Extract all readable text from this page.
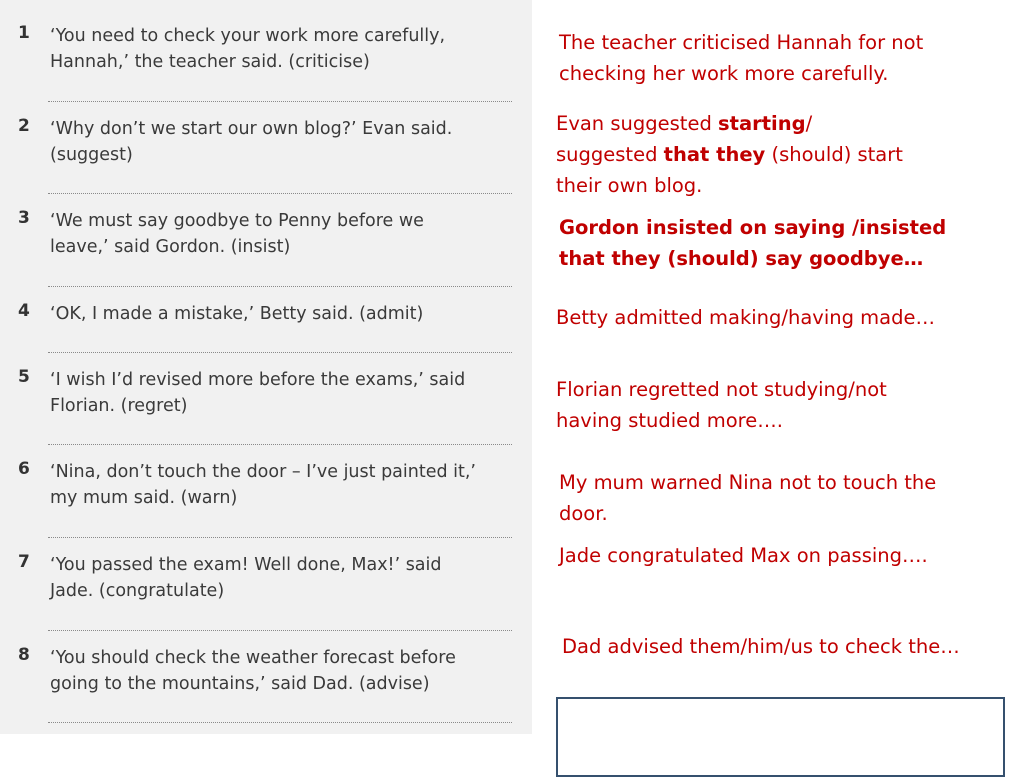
1 ‘You need to check your work more carefully,
Hannah,’ the teacher said. (criticise)
2 ‘Why don’t we start our own blog?’ Evan said.
(suggest)
3 ‘We must say goodbye to Penny before we
leave,’ said Gordon. (insist)
4 ‘OK, I made a mistake,’ Betty said. (admit)
5 ‘I wish I’d revised more before the exams,’ said
Florian. (regret)
6 ‘Nina, don’t touch the door – I’ve just painted it,’
my mum said. (warn)
7 ‘You passed the exam! Well done, Max!’ said
Jade. (congratulate)
8 ‘You should check the weather forecast before
going to the mountains,’ said Dad. (advise)
The teacher criticised Hannah for not
checking her work more carefully.
Evan suggested starting/
suggested that they (should) start
their own blog.
Gordon insisted on saying /insisted
that they (should) say goodbye…
Betty admitted making/having made…
Florian regretted not studying/not
having studied more….
My mum warned Nina not to touch the
door.
Jade congratulated Max on passing….
Dad advised them/him/us to check the…
